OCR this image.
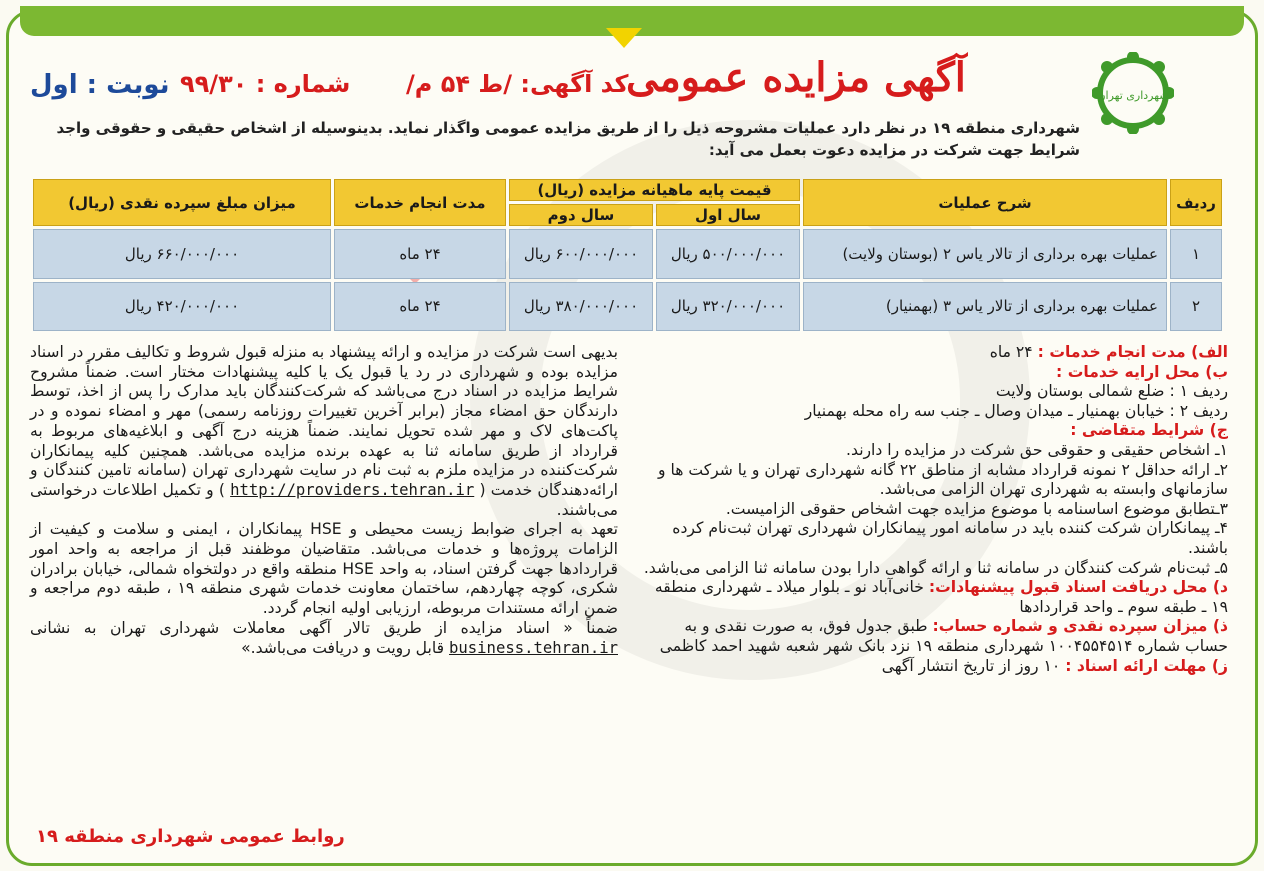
شهرداری تهران
آگهی مزایده عمومی
کد آگهی: /ط ۵۴ م/
شماره : ۹۹/۳۰
نوبت : اول
شهرداری منطقه ۱۹ در نظر دارد عملیات مشروحه ذیل را از طریق مزایده عمومی واگذار نماید. بدینوسیله از اشخاص حقیقی و حقوقی واجد شرایط جهت شرکت در مزایده دعوت بعمل می آید:
ردیف	شرح عملیات	قیمت پایه ماهیانه مزایده (ریال)		مدت انجام خدمات	میزان مبلغ سپرده نقدی (ریال)
		سال اول	سال دوم		
۱	عملیات بهره برداری از تالار یاس ۲ (بوستان ولایت)	۵۰۰/۰۰۰/۰۰۰ ریال	۶۰۰/۰۰۰/۰۰۰ ریال	۲۴ ماه	۶۶۰/۰۰۰/۰۰۰ ریال
۲	عملیات بهره برداری از تالار یاس ۳ (بهمنیار)	۳۲۰/۰۰۰/۰۰۰ ریال	۳۸۰/۰۰۰/۰۰۰ ریال	۲۴ ماه	۴۲۰/۰۰۰/۰۰۰ ریال

الف) مدت انجام خدمات : ۲۴ ماه

ب) محل ارایه خدمات :

ردیف ۱ : ضلع شمالی بوستان ولایت

ردیف ۲ : خیابان بهمنیار ـ میدان وصال ـ جنب سه راه محله بهمنیار

ج) شرایط متقاضی :

۱ـ اشخاص حقیقی و حقوقی حق شرکت در مزایده را دارند.

۲ـ ارائه حداقل ۲ نمونه قرارداد مشابه از مناطق ۲۲ گانه شهرداری تهران و یا شرکت ها و سازمانهای وابسته به شهرداری تهران الزامی می‌باشد.

۳ـتطابق موضوع اساسنامه با موضوع مزایده جهت اشخاص حقوقی الزامیست.

۴ـ پیمانکاران شرکت کننده باید در سامانه امور پیمانکاران شهرداری تهران ثبت‌نام کرده باشند.

۵ـ ثبت‌نام شرکت کنندگان در سامانه ثنا و ارائه گواهی دارا بودن سامانه ثنا الزامی می‌باشد.

د) محل دریافت اسناد قبول پیشنهادات: خانی‌آباد نو ـ بلوار میلاد ـ شهرداری منطقه ۱۹ ـ طبقه سوم ـ واحد قراردادها

ذ) میزان سپرده نقدی و شماره حساب: طبق جدول فوق، به صورت نقدی و به حساب شماره ۱۰۰۴۵۵۴۵۱۴ شهرداری منطقه ۱۹ نزد بانک شهر شعبه شهید احمد کاظمی

ز) مهلت ارائه اسناد : ۱۰ روز از تاریخ انتشار آگهی

بدیهی است شرکت در مزایده و ارائه پیشنهاد به منزله قبول شروط و تکالیف مقرر در اسناد مزایده بوده و شهرداری در رد یا قبول یک یا کلیه پیشنهادات مختار است. ضمناً مشروح شرایط مزایده در اسناد درج می‌باشد که شرکت‌کنندگان باید مدارک را پس از اخذ، توسط دارندگان حق امضاء مجاز (برابر آخرین تغییرات روزنامه رسمی) مهر و امضاء نموده و در پاکت‌های لاک و مهر شده تحویل نمایند. ضمناً هزینه درج آگهی و ابلاغیه‌های مربوط به قرارداد از طریق سامانه ثنا به عهده برنده مزایده می‌باشد. همچنین کلیه پیمانکاران شرکت‌کننده در مزایده ملزم به ثبت نام در سایت شهرداری تهران (سامانه تامین کنندگان و ارائه‌دهندگان خدمت ( http://providers.tehran.ir ) و تکمیل اطلاعات درخواستی می‌باشند.

تعهد به اجرای ضوابط زیست محیطی و HSE پیمانکاران ، ایمنی و سلامت و کیفیت از الزامات پروژه‌ها و خدمات می‌باشد. متقاضیان موظفند قبل از مراجعه به واحد امور قراردادها جهت گرفتن اسناد، به واحد HSE منطقه واقع در دولتخواه شمالی، خیابان برادران شکری، کوچه چهاردهم، ساختمان معاونت خدمات شهری منطقه ۱۹ ، طبقه دوم مراجعه و ضمن ارائه مستندات مربوطه، ارزیابی اولیه انجام گردد.

ضمناً « اسناد مزایده از طریق تالار آگهی معاملات شهرداری تهران به نشانی business.tehran.ir قابل رویت و دریافت می‌باشد.»

روابط عمومی شهرداری منطقه ۱۹
